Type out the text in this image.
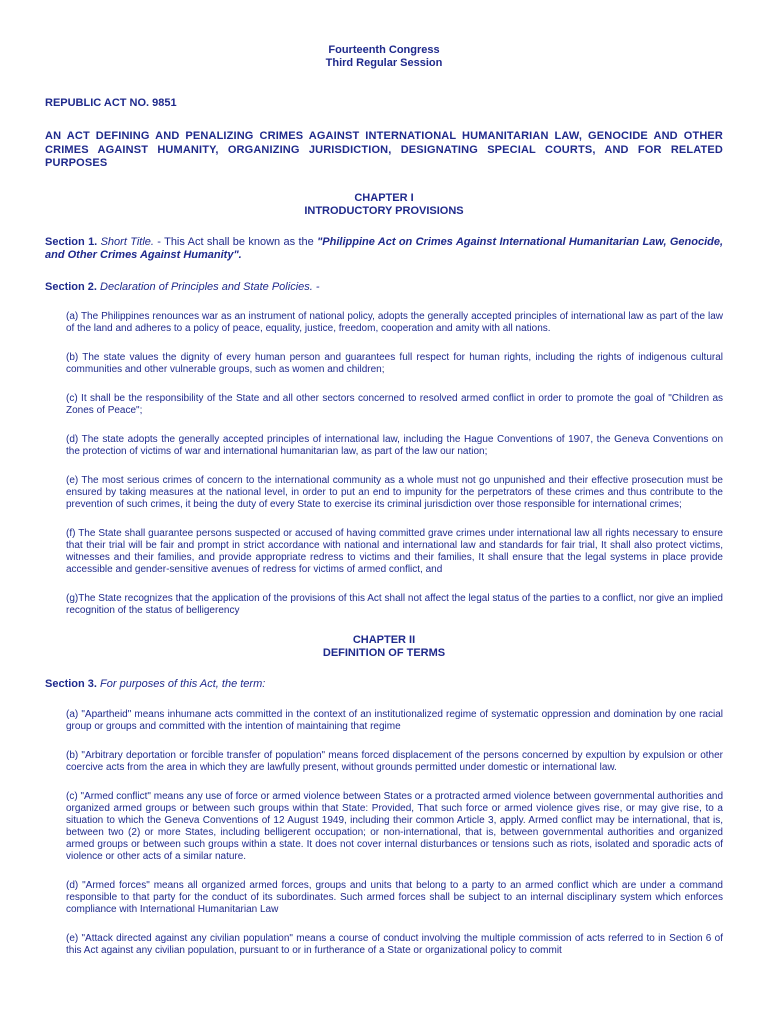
Fourteenth Congress
Third Regular Session
REPUBLIC ACT NO. 9851
AN ACT DEFINING AND PENALIZING CRIMES AGAINST INTERNATIONAL HUMANITARIAN LAW, GENOCIDE AND OTHER CRIMES AGAINST HUMANITY, ORGANIZING JURISDICTION, DESIGNATING SPECIAL COURTS, AND FOR RELATED PURPOSES
CHAPTER I
INTRODUCTORY PROVISIONS
Section 1. Short Title. - This Act shall be known as the "Philippine Act on Crimes Against International Humanitarian Law, Genocide, and Other Crimes Against Humanity".
Section 2. Declaration of Principles and State Policies. -
(a) The Philippines renounces war as an instrument of national policy, adopts the generally accepted principles of international law as part of the law of the land and adheres to a policy of peace, equality, justice, freedom, cooperation and amity with all nations.
(b) The state values the dignity of every human person and guarantees full respect for human rights, including the rights of indigenous cultural communities and other vulnerable groups, such as women and children;
(c) It shall be the responsibility of the State and all other sectors concerned to resolved armed conflict in order to promote the goal of "Children as Zones of Peace";
(d) The state adopts the generally accepted principles of international law, including the Hague Conventions of 1907, the Geneva Conventions on the protection of victims of war and international humanitarian law, as part of the law our nation;
(e) The most serious crimes of concern to the international community as a whole must not go unpunished and their effective prosecution must be ensured by taking measures at the national level, in order to put an end to impunity for the perpetrators of these crimes and thus contribute to the prevention of such crimes, it being the duty of every State to exercise its criminal jurisdiction over those responsible for international crimes;
(f) The State shall guarantee persons suspected or accused of having committed grave crimes under international law all rights necessary to ensure that their trial will be fair and prompt in strict accordance with national and international law and standards for fair trial, It shall also protect victims, witnesses and their families, and provide appropriate redress to victims and their families, It shall ensure that the legal systems in place provide accessible and gender-sensitive avenues of redress for victims of armed conflict, and
(g)The State recognizes that the application of the provisions of this Act shall not affect the legal status of the parties to a conflict, nor give an implied recognition of the status of belligerency
CHAPTER II
DEFINITION OF TERMS
Section 3. For purposes of this Act, the term:
(a) "Apartheid" means inhumane acts committed in the context of an institutionalized regime of systematic oppression and domination by one racial group or groups and committed with the intention of maintaining that regime
(b) "Arbitrary deportation or forcible transfer of population" means forced displacement of the persons concerned by expultion by expulsion or other coercive acts from the area in which they are lawfully present, without grounds permitted under domestic or international law.
(c) "Armed conflict" means any use of force or armed violence between States or a protracted armed violence between governmental authorities and organized armed groups or between such groups within that State: Provided, That such force or armed violence gives rise, or may give rise, to a situation to which the Geneva Conventions of 12 August 1949, including their common Article 3, apply. Armed conflict may be international, that is, between two (2) or more States, including belligerent occupation; or non-international, that is, between governmental authorities and organized armed groups or between such groups within a state. It does not cover internal disturbances or tensions such as riots, isolated and sporadic acts of violence or other acts of a similar nature.
(d) "Armed forces" means all organized armed forces, groups and units that belong to a party to an armed conflict which are under a command responsible to that party for the conduct of its subordinates. Such armed forces shall be subject to an internal disciplinary system which enforces compliance with International Humanitarian Law
(e) "Attack directed against any civilian population" means a course of conduct involving the multiple commission of acts referred to in Section 6 of this Act against any civilian population, pursuant to or in furtherance of a State or organizational policy to commit
